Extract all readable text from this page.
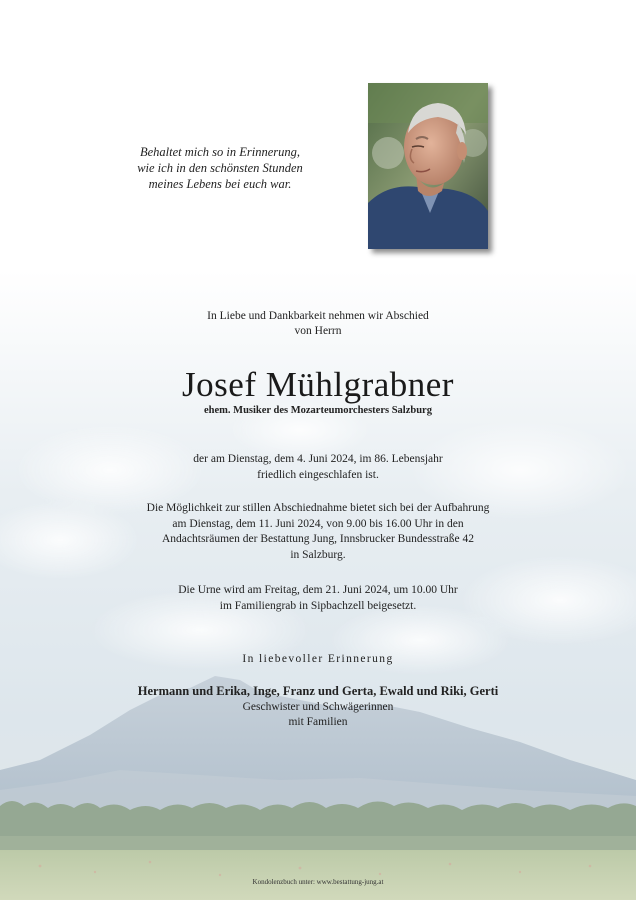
Behaltet mich so in Erinnerung,
wie ich in den schönsten Stunden
meines Lebens bei euch war.
In Liebe und Dankbarkeit nehmen wir Abschied
von Herrn
Josef Mühlgrabner
ehem. Musiker des Mozarteumorchesters Salzburg
der am Dienstag, dem 4. Juni 2024, im 86. Lebensjahr
friedlich eingeschlafen ist.
Die Möglichkeit zur stillen Abschiednahme bietet sich bei der Aufbahrung
am Dienstag, dem 11. Juni 2024, von 9.00 bis 16.00 Uhr in den
Andachtsräumen der Bestattung Jung, Innsbrucker Bundesstraße 42
in Salzburg.
Die Urne wird am Freitag, dem 21. Juni 2024, um 10.00 Uhr
im Familiengrab in Sipbachzell beigesetzt.
In liebevoller Erinnerung
Hermann und Erika, Inge, Franz und Gerta, Ewald und Riki, Gerti
Geschwister und Schwägerinnen
mit Familien
Kondolenzbuch unter: www.bestattung-jung.at
